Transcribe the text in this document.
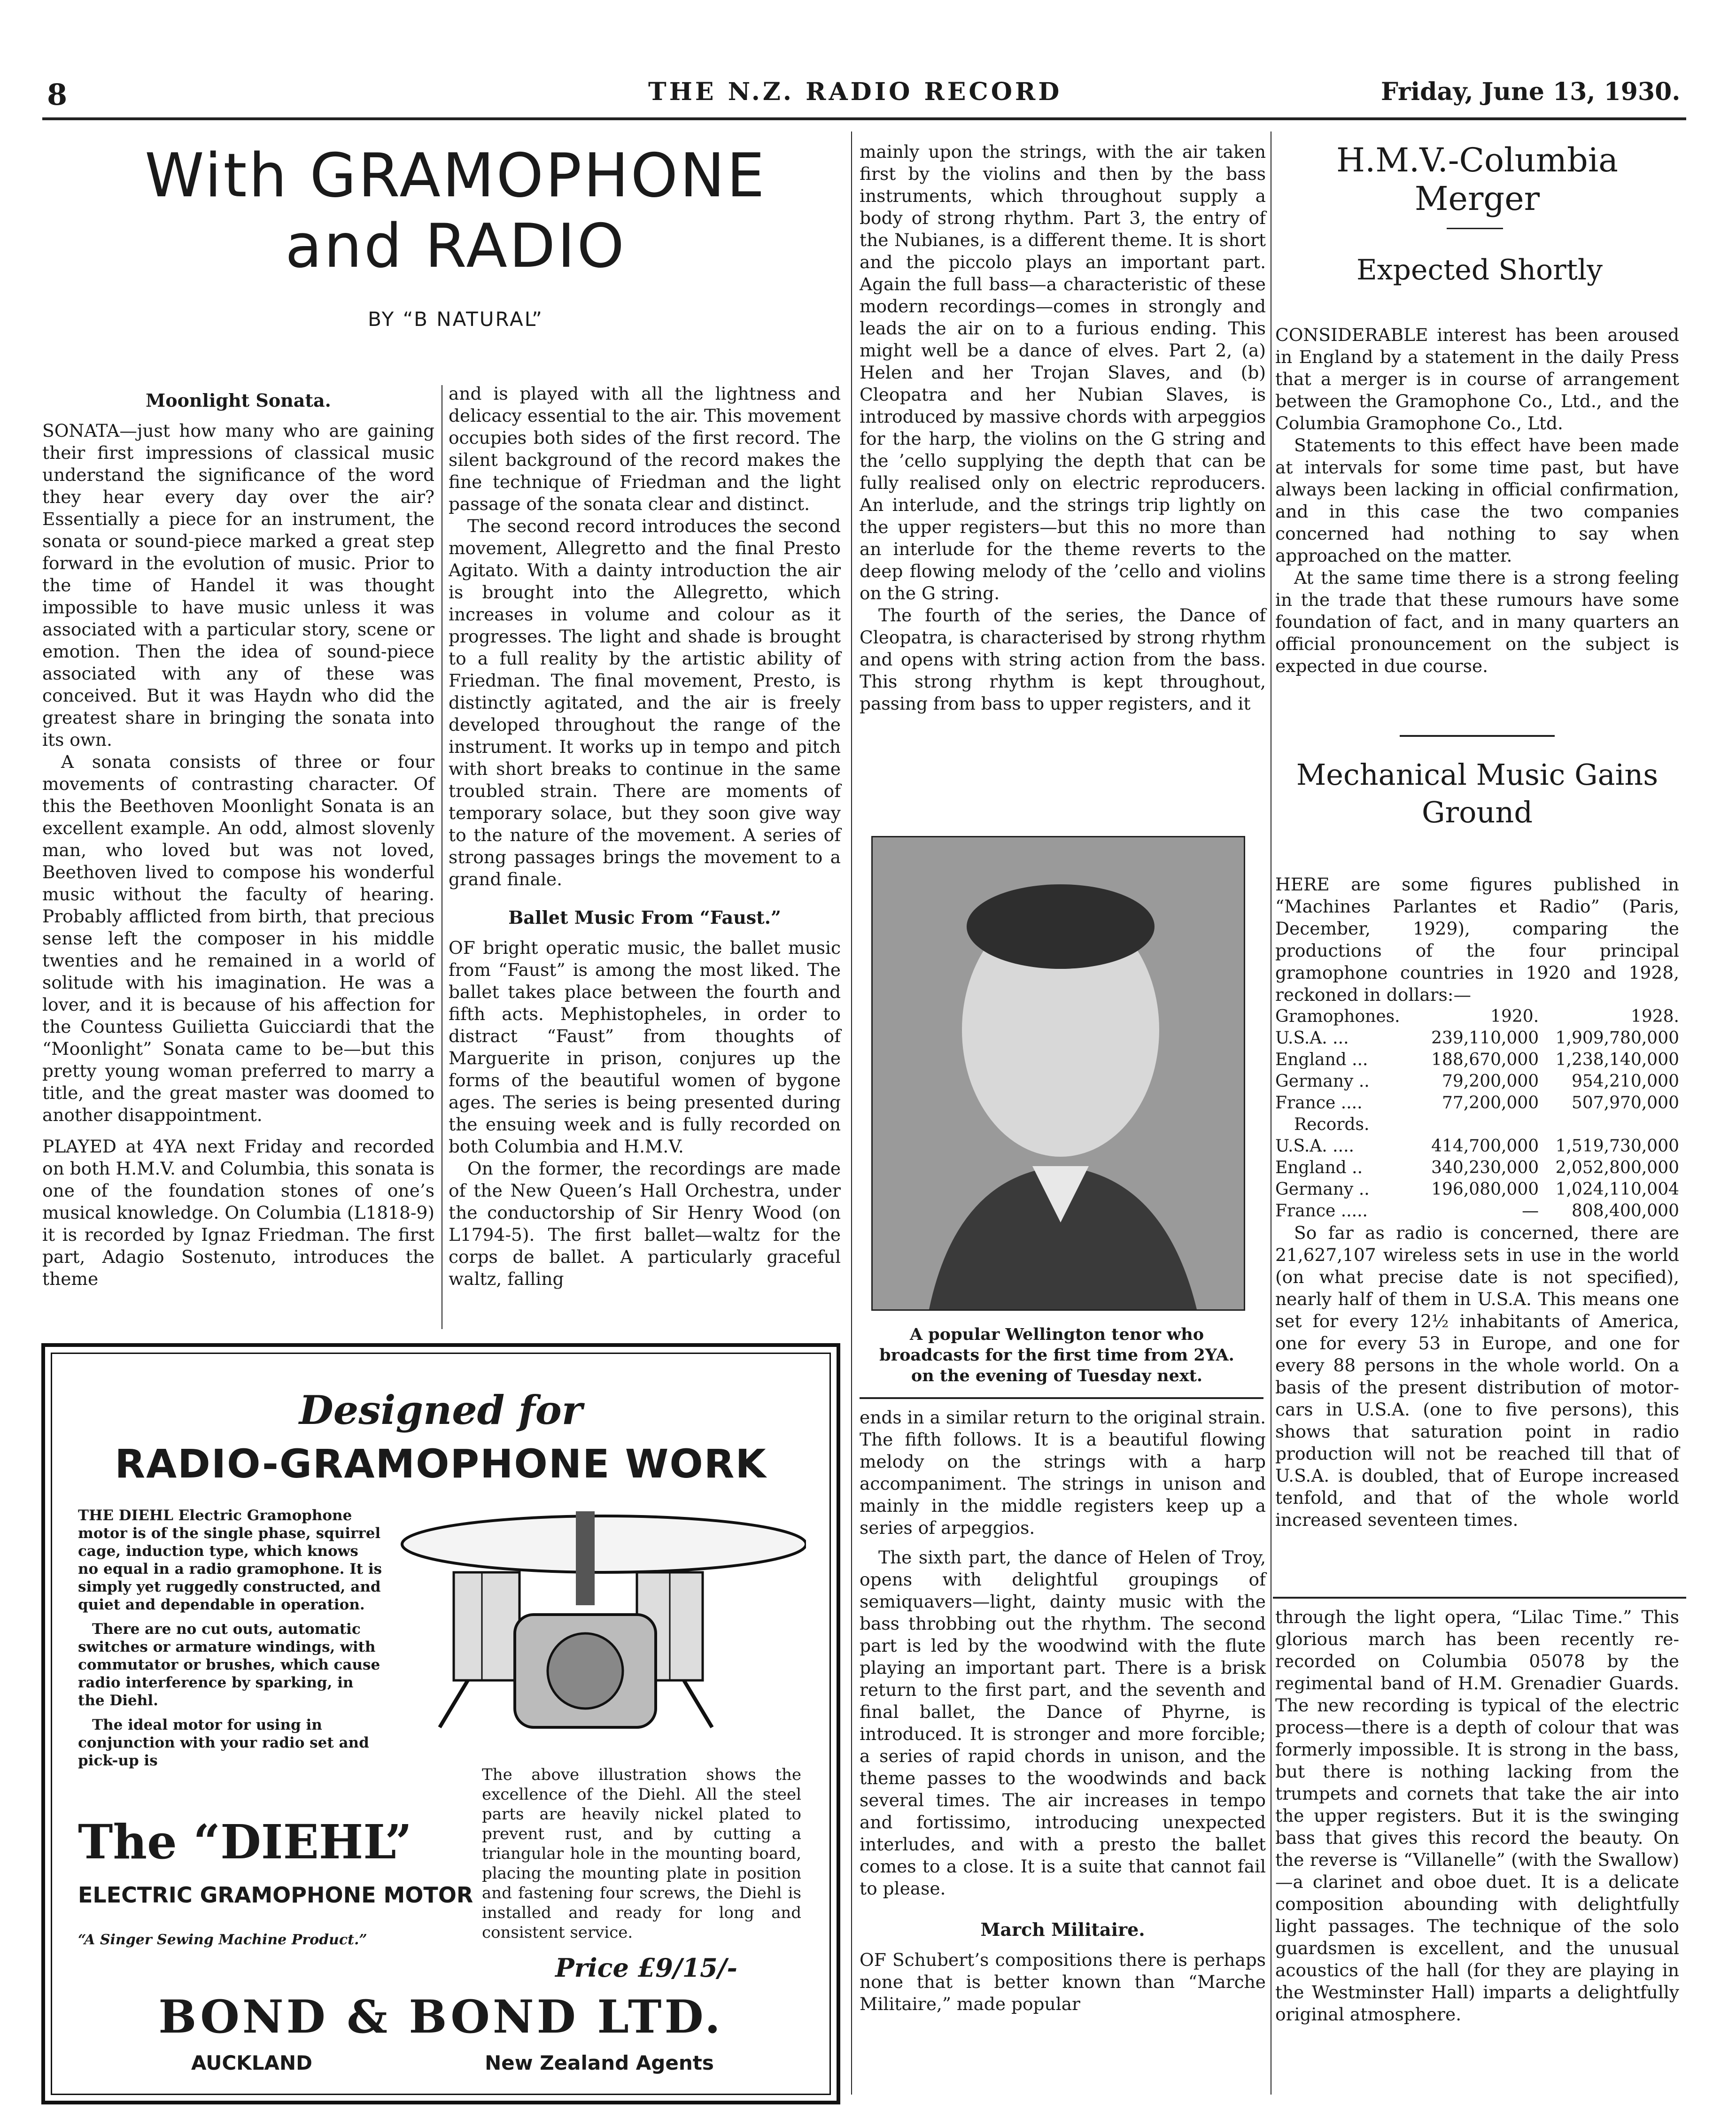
8	THE N.Z. RADIO RECORD	Friday, June 13, 1930.
With GRAMOPHONE
and RADIO
BY “B NATURAL”
Moonlight Sonata.

SONATA—just how many who are gaining their first impressions of classical music understand the significance of the word they hear every day over the air? Essentially a piece for an instrument, the sonata or sound-piece marked a great step forward in the evolution of music. Prior to the time of Handel it was thought impossible to have music unless it was associated with a particular story, scene or emotion. Then the idea of sound-piece associated with any of these was conceived. But it was Haydn who did the greatest share in bringing the sonata into its own.

A sonata consists of three or four movements of contrasting character. Of this the Beethoven Moonlight Sonata is an excellent example. An odd, almost slovenly man, who loved but was not loved, Beethoven lived to compose his wonderful music without the faculty of hearing. Probably afflicted from birth, that precious sense left the composer in his middle twenties and he remained in a world of solitude with his imagination. He was a lover, and it is because of his affection for the Countess Guilietta Guicciardi that the “Moonlight” Sonata came to be—but this pretty young woman preferred to marry a title, and the great master was doomed to another disappointment.

PLAYED at 4YA next Friday and recorded on both H.M.V. and Columbia, this sonata is one of the foundation stones of one’s musical knowledge. On Columbia (L1818-9) it is recorded by Ignaz Friedman. The first part, Adagio Sostenuto, introduces the theme

and is played with all the lightness and delicacy essential to the air. This movement occupies both sides of the first record. The silent background of the record makes the fine technique of Friedman and the light passage of the sonata clear and distinct.

The second record introduces the second movement, Allegretto and the final Presto Agitato. With a dainty introduction the air is brought into the Allegretto, which increases in volume and colour as it progresses. The light and shade is brought to a full reality by the artistic ability of Friedman. The final movement, Presto, is distinctly agitated, and the air is freely developed throughout the range of the instrument. It works up in tempo and pitch with short breaks to continue in the same troubled strain. There are moments of temporary solace, but they soon give way to the nature of the movement. A series of strong passages brings the movement to a grand finale.

Ballet Music From “Faust.”

OF bright operatic music, the ballet music from “Faust” is among the most liked. The ballet takes place between the fourth and fifth acts. Mephistopheles, in order to distract “Faust” from thoughts of Marguerite in prison, conjures up the forms of the beautiful women of bygone ages. The series is being presented during the ensuing week and is fully recorded on both Columbia and H.M.V.

On the former, the recordings are made of the New Queen’s Hall Orchestra, under the conductorship of Sir Henry Wood (on L1794-5). The first ballet—waltz for the corps de ballet. A particularly graceful waltz, falling

mainly upon the strings, with the air taken first by the violins and then by the bass instruments, which throughout supply a body of strong rhythm. Part 3, the entry of the Nubianes, is a different theme. It is short and the piccolo plays an important part. Again the full bass—a characteristic of these modern recordings—comes in strongly and leads the air on to a furious ending. This might well be a dance of elves. Part 2, (a) Helen and her Trojan Slaves, and (b) Cleopatra and her Nubian Slaves, is introduced by massive chords with arpeggios for the harp, the violins on the G string and the ’cello supplying the depth that can be fully realised only on electric reproducers. An interlude, and the strings trip lightly on the upper registers—but this no more than an interlude for the theme reverts to the deep flowing melody of the ’cello and violins on the G string.

The fourth of the series, the Dance of Cleopatra, is characterised by strong rhythm and opens with string action from the bass. This strong rhythm is kept throughout, passing from bass to upper registers, and it

A popular Wellington tenor who broadcasts for the first time from 2YA. on the evening of Tuesday next.

ends in a similar return to the original strain. The fifth follows. It is a beautiful flowing melody on the strings with a harp accompaniment. The strings in unison and mainly in the middle registers keep up a series of arpeggios.

The sixth part, the dance of Helen of Troy, opens with delightful groupings of semiquavers—light, dainty music with the bass throbbing out the rhythm. The second part is led by the woodwind with the flute playing an important part. There is a brisk return to the first part, and the seventh and final ballet, the Dance of Phyrne, is introduced. It is stronger and more forcible; a series of rapid chords in unison, and the theme passes to the woodwinds and back several times. The air increases in tempo and fortissimo, introducing unexpected interludes, and with a presto the ballet comes to a close. It is a suite that cannot fail to please.

March Militaire.

OF Schubert’s compositions there is perhaps none that is better known than “Marche Militaire,” made popular

H.M.V.-Columbia Merger
Expected Shortly

CONSIDERABLE interest has been aroused in England by a statement in the daily Press that a merger is in course of arrangement between the Gramophone Co., Ltd., and the Columbia Gramophone Co., Ltd.

Statements to this effect have been made at intervals for some time past, but have always been lacking in official confirmation, and in this case the two companies concerned had nothing to say when approached on the matter.

At the same time there is a strong feeling in the trade that these rumours have some foundation of fact, and in many quarters an official pronouncement on the subject is expected in due course.

Mechanical Music Gains Ground

HERE are some figures published in “Machines Parlantes et Radio” (Paris, December, 1929), comparing the productions of the four principal gramophone countries in 1920 and 1928, reckoned in dollars:—

Gramophones.	1920.	1928.
U.S.A. ...	239,110,000	1,909,780,000
England ...	188,670,000	1,238,140,000
Germany ..	79,200,000	954,210,000
France ....	77,200,000	507,970,000
Records.		
U.S.A. ....	414,700,000	1,519,730,000
England ..	340,230,000	2,052,800,000
Germany ..	196,080,000	1,024,110,004
France .....	—	808,400,000

So far as radio is concerned, there are 21,627,107 wireless sets in use in the world (on what precise date is not specified), nearly half of them in U.S.A. This means one set for every 12½ inhabitants of America, one for every 53 in Europe, and one for every 88 persons in the whole world. On a basis of the present distribution of motor-cars in U.S.A. (one to five persons), this shows that saturation point in radio production will not be reached till that of U.S.A. is doubled, that of Europe increased tenfold, and that of the whole world increased seventeen times.

through the light opera, “Lilac Time.” This glorious march has been recently re-recorded on Columbia 05078 by the regimental band of H.M. Grenadier Guards. The new recording is typical of the electric process—there is a depth of colour that was formerly impossible. It is strong in the bass, but there is nothing lacking from the trumpets and cornets that take the air into the upper registers. But it is the swinging bass that gives this record the beauty. On the reverse is “Villanelle” (with the Swallow)—a clarinet and oboe duet. It is a delicate composition abounding with delightfully light passages. The technique of the solo guardsmen is excellent, and the unusual acoustics of the hall (for they are playing in the Westminster Hall) imparts a delightfully original atmosphere.

Designed for
RADIO-GRAMOPHONE WORK

THE DIEHL Electric Gramophone motor is of the single phase, squirrel cage, induction type, which knows no equal in a radio gramophone. It is simply yet ruggedly constructed, and quiet and dependable in operation.

There are no cut outs, automatic switches or armature windings, with commutator or brushes, which cause radio interference by sparking, in the Diehl.

The ideal motor for using in conjunction with your radio set and pick-up is

The “DIEHL”
ELECTRIC GRAMOPHONE MOTOR
“A Singer Sewing Machine Product.”
The above illustration shows the excellence of the Diehl. All the steel parts are heavily nickel plated to prevent rust, and by cutting a triangular hole in the mounting board, placing the mounting plate in position and fastening four screws, the Diehl is installed and ready for long and consistent service.
Price £9/15/-
BOND & BOND LTD.
AUCKLAND	New Zealand Agents
